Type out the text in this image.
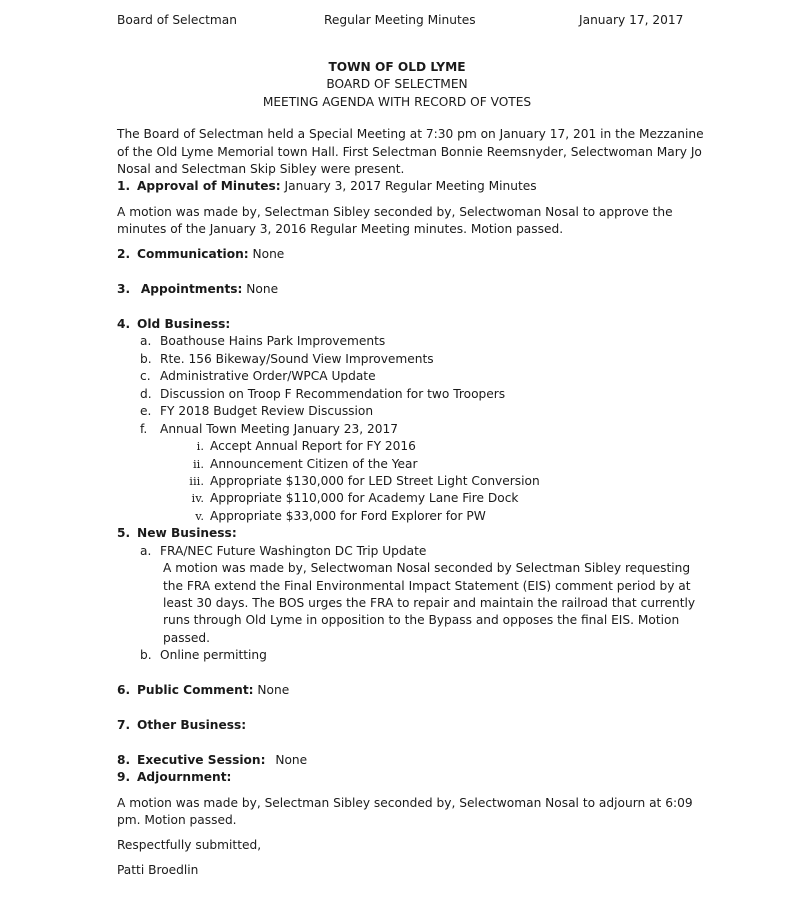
Board of Selectman	Regular Meeting Minutes	January 17, 2017
TOWN OF OLD LYME
BOARD OF SELECTMEN
MEETING AGENDA WITH RECORD OF VOTES
The Board of Selectman held a Special Meeting at 7:30 pm on January 17, 201 in the Mezzanine
of the Old Lyme Memorial town Hall. First Selectman Bonnie Reemsnyder, Selectwoman Mary Jo
Nosal and Selectman Skip Sibley were present.
1. Approval of Minutes: January 3, 2017 Regular Meeting Minutes
A motion was made by, Selectman Sibley seconded by, Selectwoman Nosal to approve the
minutes of the January 3, 2016 Regular Meeting minutes. Motion passed.
2. Communication: None
3. Appointments: None
4. Old Business:
a. Boathouse Hains Park Improvements
b. Rte. 156 Bikeway/Sound View Improvements
c. Administrative Order/WPCA Update
d. Discussion on Troop F Recommendation for two Troopers
e. FY 2018 Budget Review Discussion
f. Annual Town Meeting January 23, 2017
i. Accept Annual Report for FY 2016
ii. Announcement Citizen of the Year
iii. Appropriate $130,000 for LED Street Light Conversion
iv. Appropriate $110,000 for Academy Lane Fire Dock
v. Appropriate $33,000 for Ford Explorer for PW
5. New Business:
a. FRA/NEC Future Washington DC Trip Update
A motion was made by, Selectwoman Nosal seconded by Selectman Sibley requesting
the FRA extend the Final Environmental Impact Statement (EIS) comment period by at
least 30 days. The BOS urges the FRA to repair and maintain the railroad that currently
runs through Old Lyme in opposition to the Bypass and opposes the final EIS. Motion
passed.
b. Online permitting
6. Public Comment: None
7. Other Business:
8. Executive Session: None
9. Adjournment:
A motion was made by, Selectman Sibley seconded by, Selectwoman Nosal to adjourn at 6:09
pm. Motion passed.
Respectfully submitted,
Patti Broedlin
